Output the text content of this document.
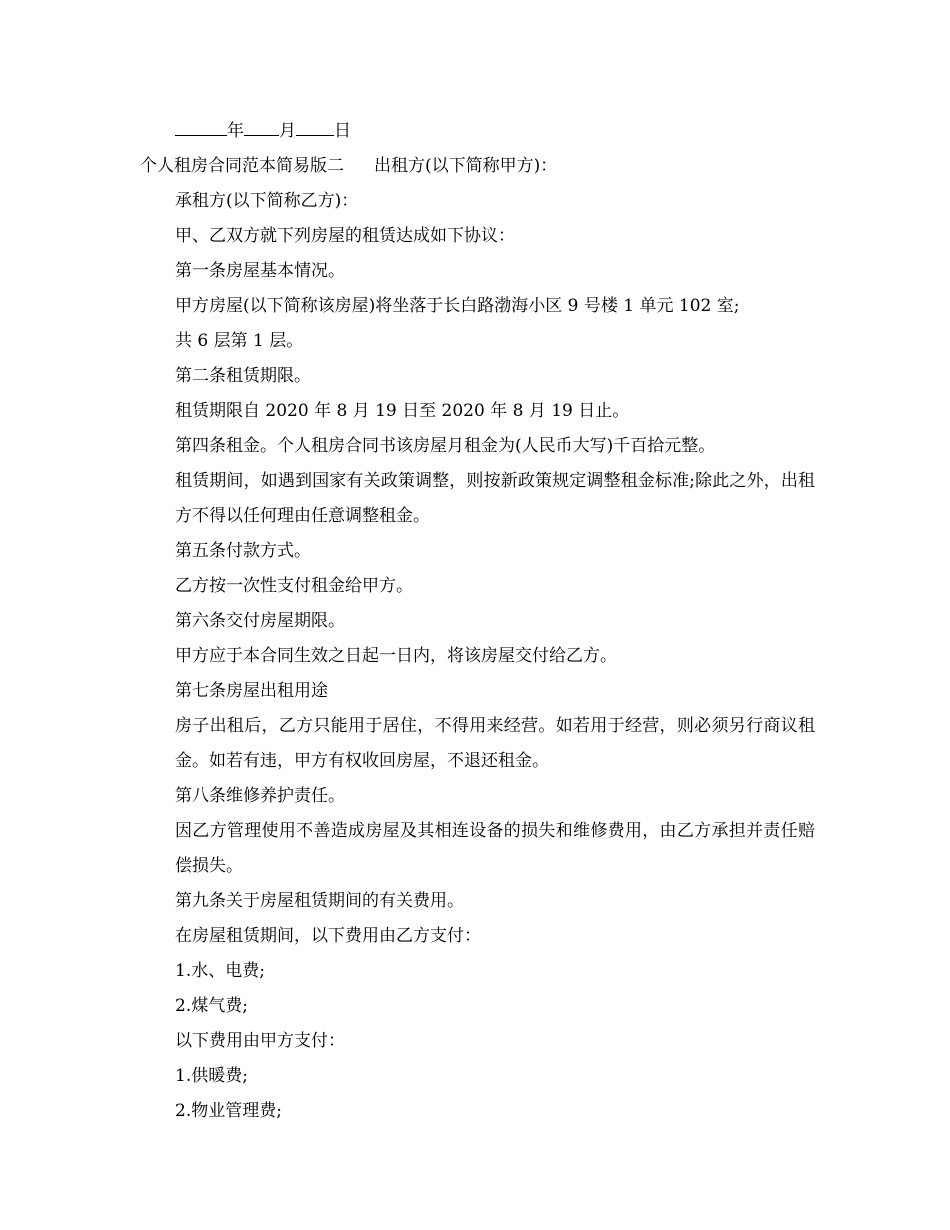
年 月 日
个人租房合同范本简易版二 出租方(以下简称甲方)：
承租方(以下简称乙方)：
甲、乙双方就下列房屋的租赁达成如下协议：
第一条房屋基本情况。
甲方房屋(以下简称该房屋)将坐落于长白路渤海小区 9 号楼 1 单元 102 室;
共 6 层第 1 层。
第二条租赁期限。
租赁期限自 2020 年 8 月 19 日至 2020 年 8 月 19 日止。
第四条租金。个人租房合同书该房屋月租金为(人民币大写)千百拾元整。
租赁期间，如遇到国家有关政策调整，则按新政策规定调整租金标准;除此之外，出租方不得以任何理由任意调整租金。
第五条付款方式。
乙方按一次性支付租金给甲方。
第六条交付房屋期限。
甲方应于本合同生效之日起一日内，将该房屋交付给乙方。
第七条房屋出租用途
房子出租后，乙方只能用于居住，不得用来经营。如若用于经营，则必须另行商议租金。如若有违，甲方有权收回房屋，不退还租金。
第八条维修养护责任。
因乙方管理使用不善造成房屋及其相连设备的损失和维修费用，由乙方承担并责任赔偿损失。
第九条关于房屋租赁期间的有关费用。
在房屋租赁期间，以下费用由乙方支付：
1.水、电费;
2.煤气费;
以下费用由甲方支付：
1.供暖费;
2.物业管理费;
